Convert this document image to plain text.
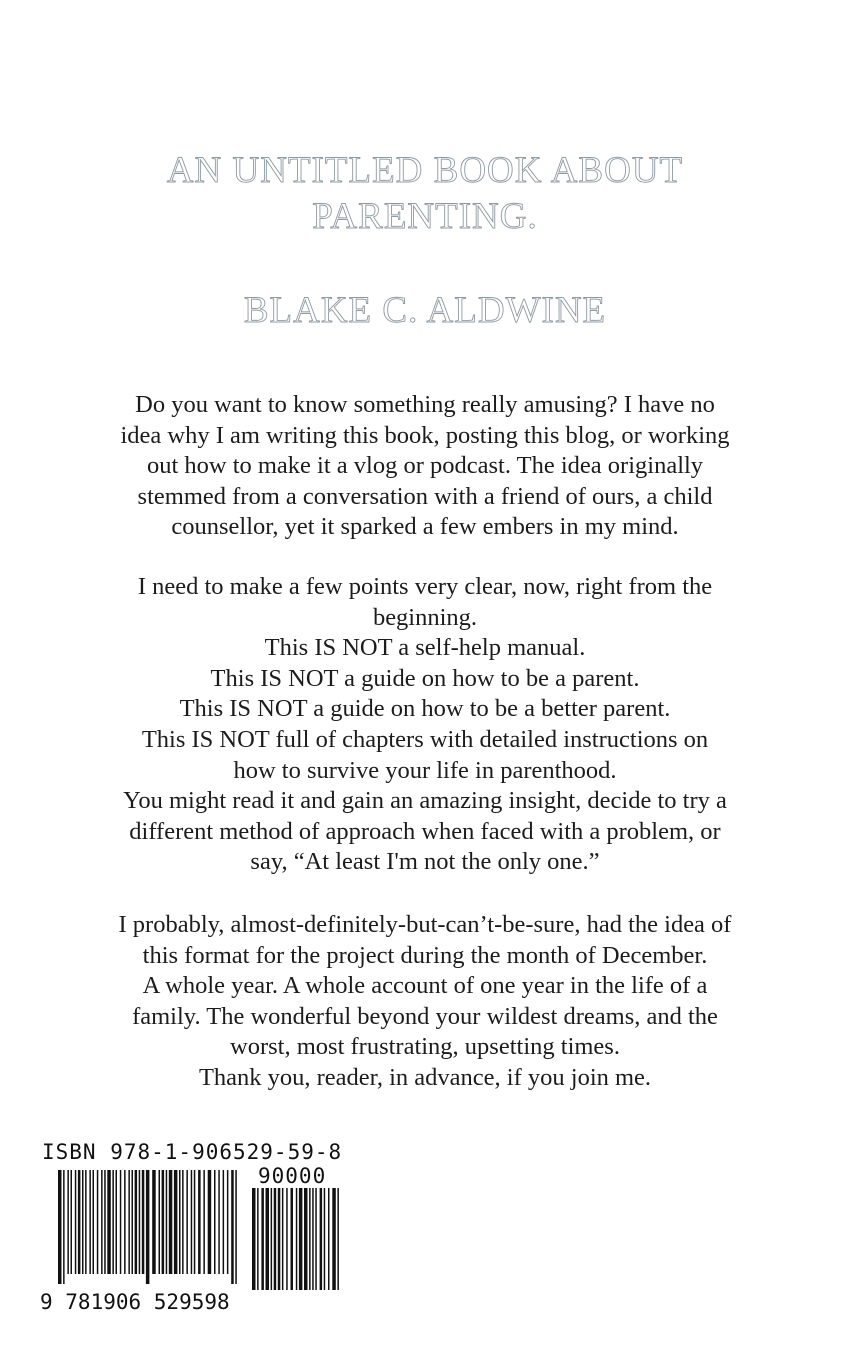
AN UNTITLED BOOK ABOUT
PARENTING.
BLAKE C. ALDWINE
Do you want to know something really amusing? I have no
idea why I am writing this book, posting this blog, or working
out how to make it a vlog or podcast. The idea originally
stemmed from a conversation with a friend of ours, a child
counsellor, yet it sparked a few embers in my mind.
I need to make a few points very clear, now, right from the
beginning.
This IS NOT a self-help manual.
This IS NOT a guide on how to be a parent.
This IS NOT a guide on how to be a better parent.
This IS NOT full of chapters with detailed instructions on
how to survive your life in parenthood.
You might read it and gain an amazing insight, decide to try a
different method of approach when faced with a problem, or
say, “At least I'm not the only one.”
I probably, almost-definitely-but-can’t-be-sure, had the idea of
this format for the project during the month of December.
A whole year. A whole account of one year in the life of a
family. The wonderful beyond your wildest dreams, and the
worst, most frustrating, upsetting times.
Thank you, reader, in advance, if you join me.
ISBN 978-1-906529-59-8
90000
9 781906 529598
